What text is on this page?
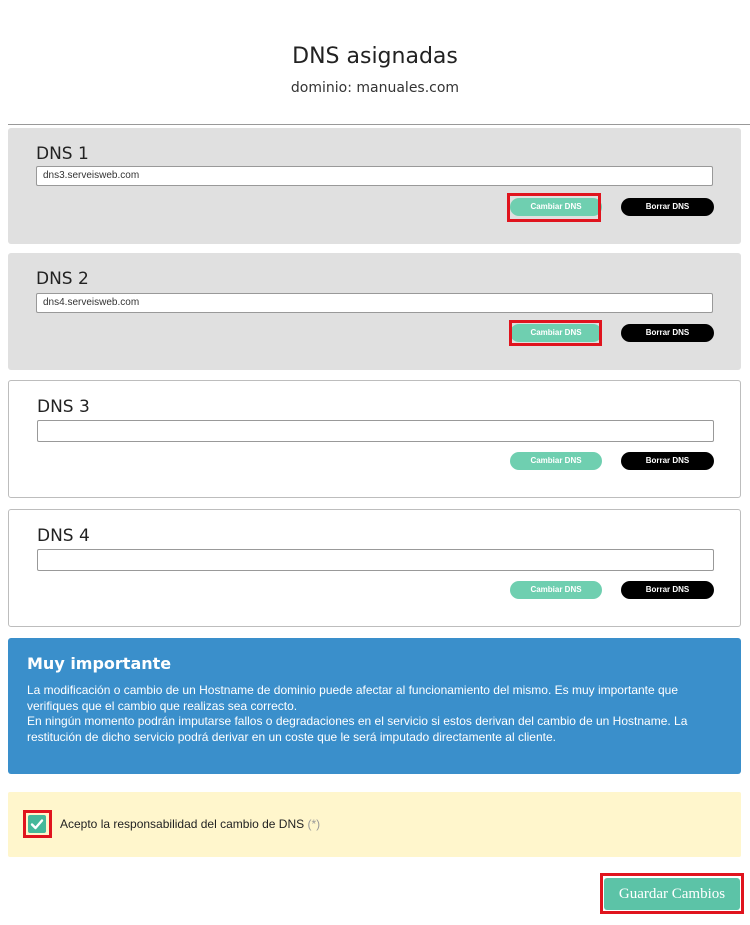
DNS asignadas
dominio: manuales.com
DNS 1
dns3.serveisweb.com
Cambiar DNS	Borrar DNS
DNS 2
dns4.serveisweb.com
Cambiar DNS	Borrar DNS
DNS 3
Cambiar DNS	Borrar DNS
DNS 4
Cambiar DNS	Borrar DNS
Muy importante

La modificación o cambio de un Hostname de dominio puede afectar al funcionamiento del mismo. Es muy importante que verifiques que el cambio que realizas sea correcto.

En ningún momento podrán imputarse fallos o degradaciones en el servicio si estos derivan del cambio de un Hostname. La restitución de dicho servicio podrá derivar en un coste que le será imputado directamente al cliente.

Acepto la responsabilidad del cambio de DNS (*)
Guardar Cambios
